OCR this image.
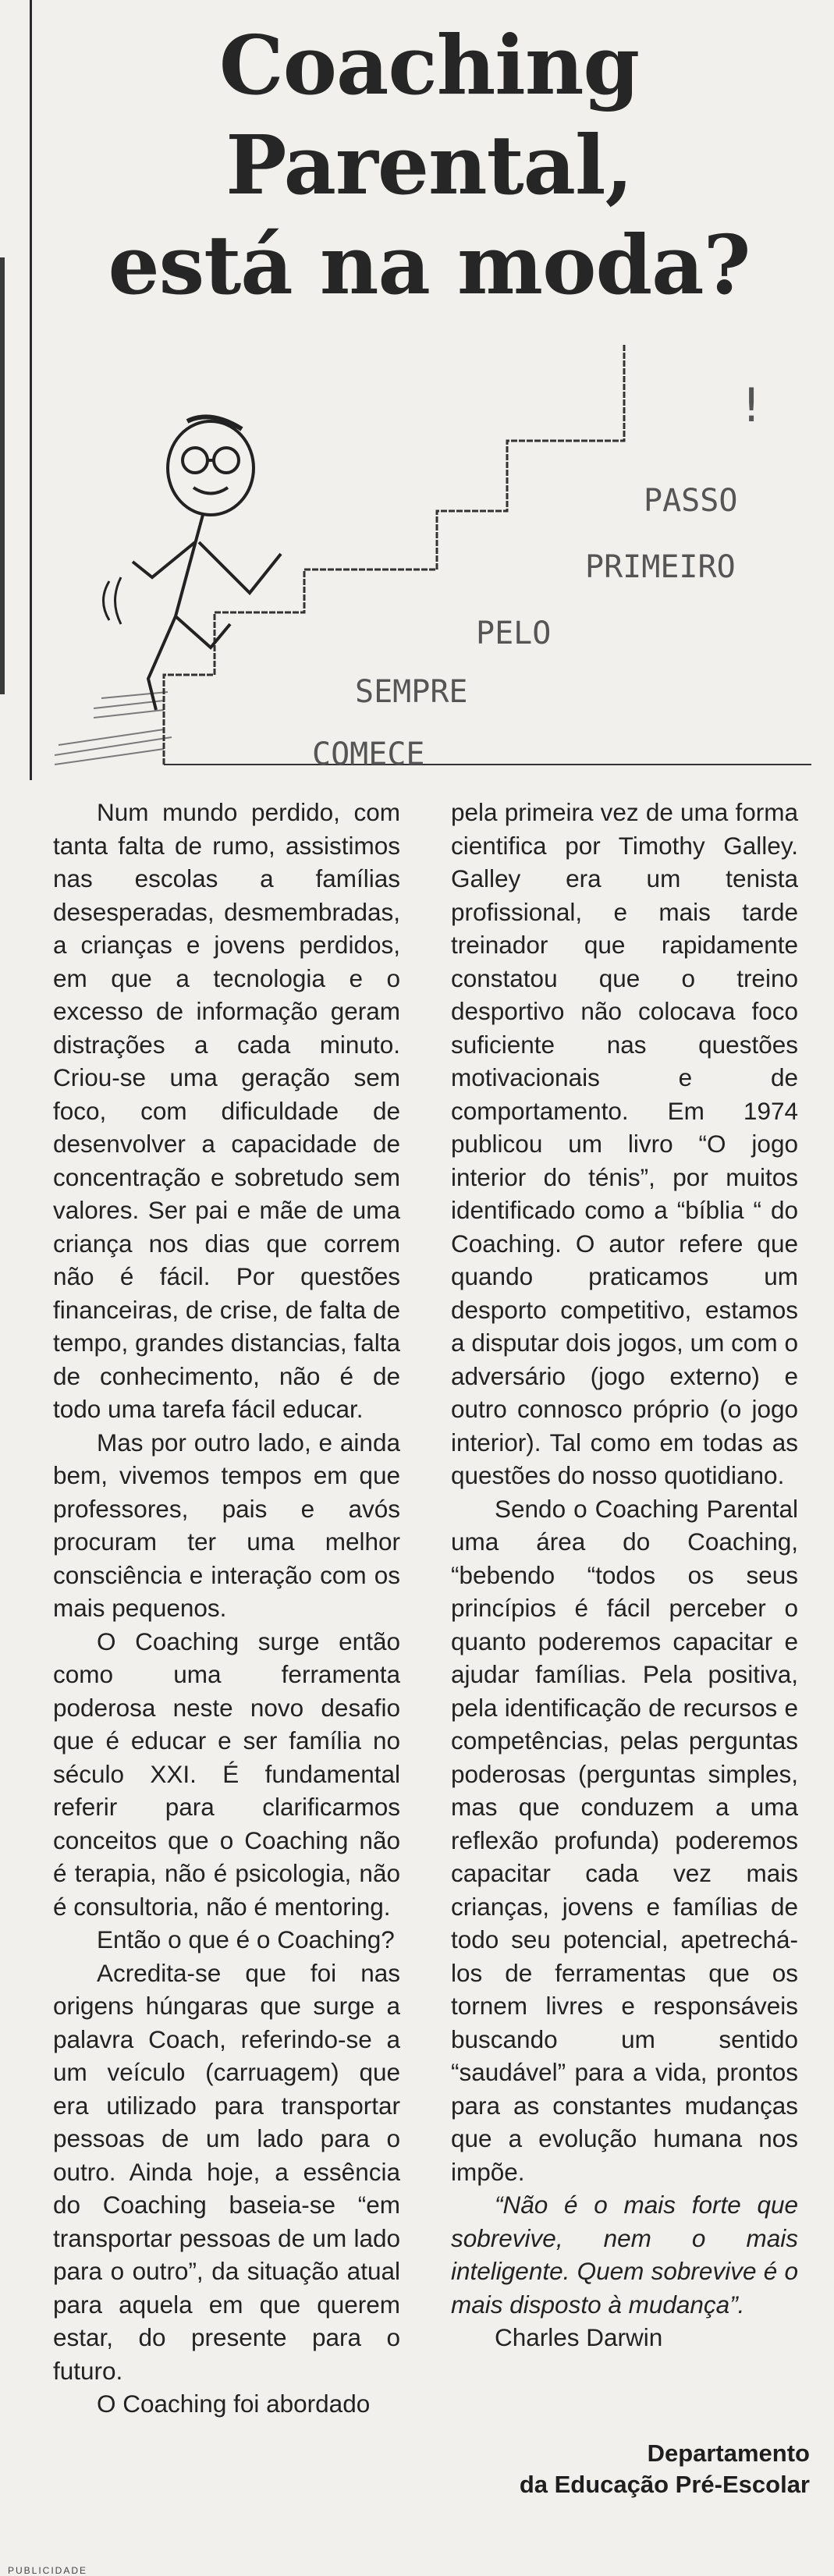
Coaching
Parental,
está na moda?
COMECE
SEMPRE
PELO
PRIMEIRO
PASSO
!

Num mundo perdido, com tanta falta de rumo, assistimos nas escolas a famílias desesperadas, desmembradas, a crianças e jovens perdidos, em que a tecnologia e o excesso de informação geram distrações a cada minuto. Criou-se uma geração sem foco, com dificuldade de desenvolver a capacidade de concentração e sobretudo sem valores. Ser pai e mãe de uma criança nos dias que correm não é fácil. Por questões financeiras, de crise, de falta de tempo, grandes distancias, falta de conhecimento, não é de todo uma tarefa fácil educar.

Mas por outro lado, e ainda bem, vivemos tempos em que professores, pais e avós procuram ter uma melhor consciência e interação com os mais pequenos.

O Coaching surge então como uma ferramenta poderosa neste novo desafio que é educar e ser família no século XXI. É fundamental referir para clarificarmos conceitos que o Coaching não é terapia, não é psicologia, não é consultoria, não é mentoring.

Então o que é o Coaching?

Acredita-se que foi nas origens húngaras que surge a palavra Coach, referindo-se a um veículo (carruagem) que era utilizado para transportar pessoas de um lado para o outro. Ainda hoje, a essência do Coaching baseia-se “em transportar pessoas de um lado para o outro”, da situação atual para aquela em que querem estar, do presente para o futuro.

O Coaching foi abordado

pela primeira vez de uma forma cientifica por Timothy Galley. Galley era um tenista profissional, e mais tarde treinador que rapidamente constatou que o treino desportivo não colocava foco suficiente nas questões motivacionais e de comportamento. Em 1974 publicou um livro “O jogo interior do ténis”, por muitos identificado como a “bíblia “ do Coaching. O autor refere que quando praticamos um desporto competitivo, estamos a disputar dois jogos, um com o adversário (jogo externo) e outro connosco próprio (o jogo interior). Tal como em todas as questões do nosso quotidiano.

Sendo o Coaching Parental uma área do Coaching, “bebendo “todos os seus princípios é fácil perceber o quanto poderemos capacitar e ajudar famílias. Pela positiva, pela identificação de recursos e competências, pelas perguntas poderosas (perguntas simples, mas que conduzem a uma reflexão profunda) poderemos capacitar cada vez mais crianças, jovens e famílias de todo seu potencial, apetrechá-los de ferramentas que os tornem livres e responsáveis buscando um sentido “saudável” para a vida, prontos para as constantes mudanças que a evolução humana nos impõe.

“Não é o mais forte que sobrevive, nem o mais inteligente. Quem sobrevive é o mais disposto à mudança”.

Charles Darwin

Departamento
da Educação Pré-Escolar
PUBLICIDADE
